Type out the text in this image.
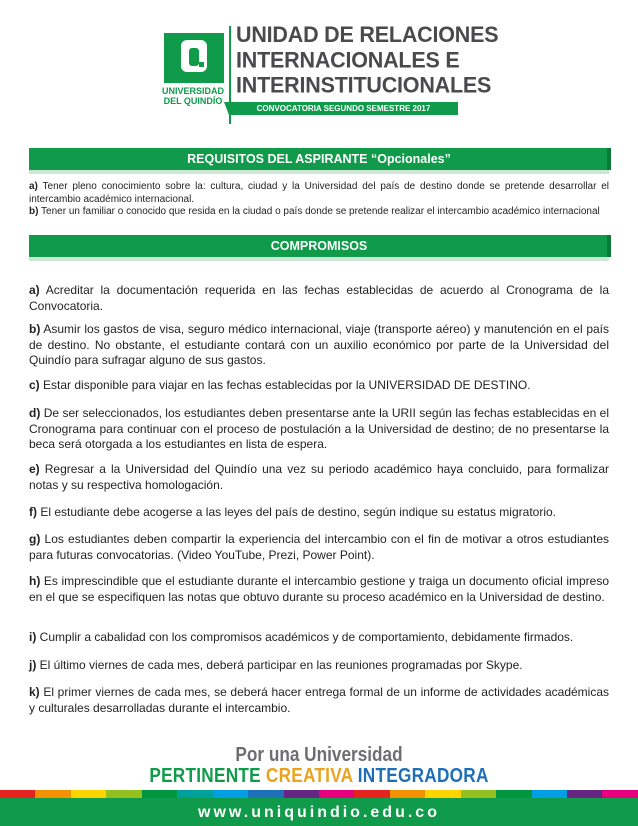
UNIVERSIDAD
DEL QUINDÍO
UNIDAD DE RELACIONES
INTERNACIONALES E
INTERINSTITUCIONALES
CONVOCATORIA SEGUNDO SEMESTRE 2017
REQUISITOS DEL ASPIRANTE “Opcionales”
a) Tener pleno conocimiento sobre la: cultura, ciudad y la Universidad del país de destino donde se pretende desarrollar el intercambio académico internacional.
b) Tener un familiar o conocido que resida en la ciudad o país donde se pretende realizar el intercambio académico internacional
COMPROMISOS
a) Acreditar la documentación requerida en las fechas establecidas de acuerdo al Cronograma de la Convocatoria.
b) Asumir los gastos de visa, seguro médico internacional, viaje (transporte aéreo) y manutención en el país de destino. No obstante, el estudiante contará con un auxilio económico por parte de la Universidad del Quindío para sufragar alguno de sus gastos.
c) Estar disponible para viajar en las fechas establecidas por la UNIVERSIDAD DE DESTINO.
d) De ser seleccionados, los estudiantes deben presentarse ante la URII según las fechas establecidas en el Cronograma para continuar con el proceso de postulación a la Universidad de destino; de no presentarse la beca será otorgada a los estudiantes en lista de espera.
e) Regresar a la Universidad del Quindío una vez su periodo académico haya concluido, para formalizar notas y su respectiva homologación.
f) El estudiante debe acogerse a las leyes del país de destino, según indique su estatus migratorio.
g) Los estudiantes deben compartir la experiencia del intercambio con el fin de motivar a otros estudiantes para futuras convocatorias. (Video YouTube, Prezi, Power Point).
h) Es imprescindible que el estudiante durante el intercambio gestione y traiga un documento oficial impreso en el que se especifiquen las notas que obtuvo durante su proceso académico en la Universidad de destino.
i) Cumplir a cabalidad con los compromisos académicos y de comportamiento, debidamente firmados.
j) El último viernes de cada mes, deberá participar en las reuniones programadas por Skype.
k) El primer viernes de cada mes, se deberá hacer entrega formal de un informe de actividades académicas y culturales desarrolladas durante el intercambio.
Por una Universidad
PERTINENTE CREATIVA INTEGRADORA
www.uniquindio.edu.co
